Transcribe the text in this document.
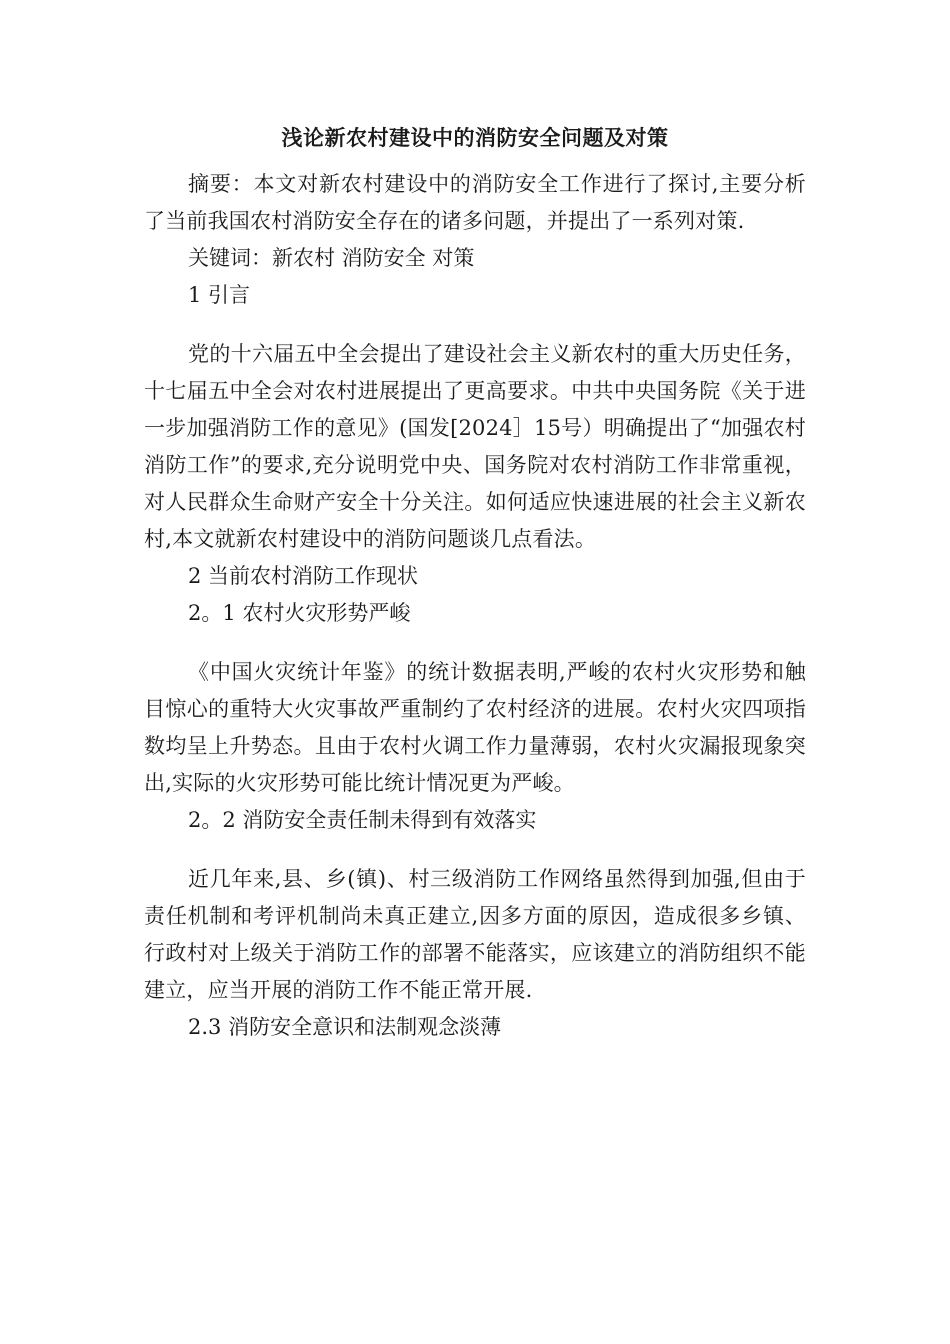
浅论新农村建设中的消防安全问题及对策

摘要：本文对新农村建设中的消防安全工作进行了探讨,主要分析了当前我国农村消防安全存在的诸多问题，并提出了一系列对策.

关键词：新农村 消防安全 对策

1 引言

党的十六届五中全会提出了建设社会主义新农村的重大历史任务，十七届五中全会对农村进展提出了更高要求。中共中央国务院《关于进一步加强消防工作的意见》(国发[2024］15号）明确提出了“加强农村消防工作”的要求,充分说明党中央、国务院对农村消防工作非常重视，对人民群众生命财产安全十分关注。如何适应快速进展的社会主义新农村,本文就新农村建设中的消防问题谈几点看法。

2 当前农村消防工作现状

2。1 农村火灾形势严峻

《中国火灾统计年鉴》的统计数据表明,严峻的农村火灾形势和触目惊心的重特大火灾事故严重制约了农村经济的进展。农村火灾四项指数均呈上升势态。且由于农村火调工作力量薄弱，农村火灾漏报现象突出,实际的火灾形势可能比统计情况更为严峻。

2。2 消防安全责任制未得到有效落实

近几年来,县、乡(镇)、村三级消防工作网络虽然得到加强,但由于责任机制和考评机制尚未真正建立,因多方面的原因，造成很多乡镇、行政村对上级关于消防工作的部署不能落实，应该建立的消防组织不能建立，应当开展的消防工作不能正常开展.

2.3 消防安全意识和法制观念淡薄
